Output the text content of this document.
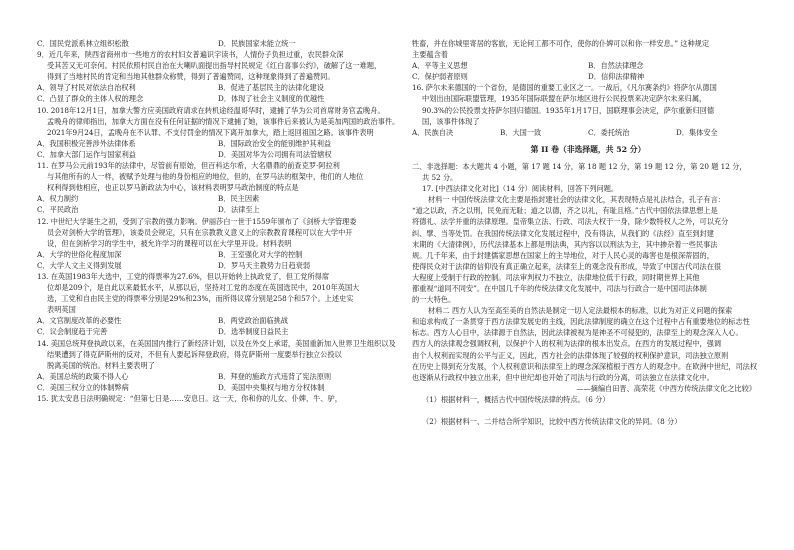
C．国民党派系林立组织松散	D．民族国家未能立统一
9．近几年来，陕西省商州市一些地方的农村妇女普遍识字读书，人情份子负担过重，农民群众深
受其苦又无可奈何。村民依照村民自治在大喇叭面提出指导村民规定《红白喜事公约》，破解了这一难题，
得到了当地村民的肯定和当地其他群众称赞，得到了普遍赞同，这种现象得到了普遍赞同。
A．领导了村民对依法自治权利	B．促进了基层民主的法律化建设
C．凸显了群众的主体人权的理念	D．体现了社会主义制度的优越性
10. 2018年12月1日，加拿大警方应美国政府请求在转机途经温哥华时，逮捕了华为公司首席财务官孟晚舟。
孟晚舟的律师指出，加拿大方面在没有任何证据的情况下逮捕了她，该事件后来被认为是美加两国的政治事件。
2021年9月24日，孟晚舟在不认罪、不支付罚金的情况下离开加拿大，踏上返回祖国之路。该事件表明
A．我国积极完善涉外法律体系	B．国际政治安全的能别维护其利益
C．加拿大部门运作与国家利益	D．美国对华为公司拥有司法管辖权
11. 在罗马公元前193年的法律中，尽管前有原始，但百科达尔希，大名鼎鼎的前查克罗·阿拉利
与其他所有的人一样，被赋予处理与他的身份相应的地位，但的，在罗马法的框架中，他们的人地位
权利得到他相应，也正以罗马新政法为中心，该材料表明罗马政治制度的特点是
A．权力制约	B．民主因素
C．平民政治	D．法律至上
12. 中世纪大学诞生之初，受到了宗教的强力影响。伊丽莎白一世于1559年颁布了《剑桥大学管理委
员会对剑桥大学的管理》，该委员会规定，只有在宗教教义意义上的宗教教育课程可以在大学中开
设，但在剑桥学习的学生中，被允许学习的课程可以在大学里开设。材料表明
A．大学的世俗化程度加深	B．王室强化对大学的控制
C．大学人文主义得到发展	D．罗马天主教势力日趋衰弱
13. 在英国1983年大选中，工党的得票率为27.6%，但以开始转上执政党了，但工党所得席
位却是209个，是自此以来最低水平，从那以后，坚持对工党的态度在英国选民中，2010年英国大
选，工党和自由民主党的得票率分别是29%和23%，而所得议席分别是258个和57个。上述史实
表明英国
A．文官制度改革的必要性	B．两党政治面临挑战
C．议会制度趋于完善	D．选举制度日益民主
14. 美国总统拜登执政以来，在美国国内推行了新经济计划，以及在外交上承诺，美国重新加入世界卫生组织以及
结果遭到了得克萨斯州的反对，不但有人要起诉拜登政府，得克萨斯州一度要举行独立公投以
脱离美国的统治。材料主要表明了
A．美国总统的政策不得人心	B．拜登的施政方式违背了宪法原则
C．美国三权分立的体制弊病	D．美国中央集权与地方分权体制
15. 犹太安息日法明确规定：“但第七日是……安息日。这一天，你和你的儿女、仆婢、牛、驴，
牲畜，并在你城里寄居的客旅，无论何工都不可作，使你的仆婢可以和你一样安息。” 这种规定
主要蕴含着
A．平等主义思想	B．自然法律理念
C．保护弱者原则	D．信仰法律精神
16. 萨尔未来德国的一个省份，是德国的重要工业区之一。一战后，《凡尔赛条约》将萨尔从德国
中划出由国际联盟管理，1935年国际联盟在萨尔地区进行公民投票来决定萨尔未来归属，
90.3%的公民投票支持萨尔回归德国。1935年1月17日，国联理事会决定，萨尔重新归回德
国，该事件体现了
A．民族自决	B．大国一致	C．委托统治	D．集体安全
第 II 卷（非选择题，共 52 分）
二、非选择题：本大题共 4 小题，第 17 题 14 分，第 18 题 12 分，第 19 题 12 分，第 20 题 12 分，
共 52 分。
17. [中西法律文化对比]（14 分）阅读材料，回答下列问题。
材料一 中国传统法律文化主要是指封建社会的法律文化，其表现特点是礼法结合，孔子有言：
“道之以政，齐之以刑，民免而无耻；道之以德，齐之以礼，有耻且格。”古代中国依法律思想上是
将德礼、法学并重的法律原理。皇帝集立法、行政、司法大权于一身，除少数特权人之外，可以充分
纠、擘、当等处罚。在我国传统法律文化发展过程中，没有得法，从我们的《法经》直至到封建
末期的《大清律例》，历代法律基本上都是刑法典，其内容以以刑法为主，其中掺杂着一些民事法
规。几千年来，由于封建儒家思想在国家上的主导地位，对于人民心灵的毒害也是根深蒂固的，
使得民众对于法律的信仰没有真正确立起来，法律至上的观念没有形成，导致了中国古代司法在很
大程度上受制于行政的控制。司法审判权力不独立，法律地位低于行政，同时期世界上其他
都重视“道同不同安”。在中国几千年的传统法律文化发展中，司法与行政合一是中国司法体制
的一大特色。
材料二 西方人认为至高至美的自然法是制定一切人定法最根本的标准，以此为对正义问题的探索
和追求构成了一条贯穿于西方法律发展史的主线，因此法律制度的确立在这个过程中占有重要地位的标志性
标志。西方人心目中，法律源于自然法，因此法律被视为是神圣不可侵犯的，法律至上的观念深入人心。
西方人的法律观念强调权利，以保护个人的权利为法律的根本出发点。在西方的发展过程中，强调
由个人权利而实现的公平与正义，因此，西方社会的法律体现了较强的权利保护意识，司法独立原则
在历史上得到充分发展，个人权利意识和法律至上的理念深深植根于西方人的观念中。在欧洲中世纪，司法权
也逐渐从行政权中独立出来，但中世纪却也开始了司法与行政的分离，司法独立在法律文化中。
——摘编自田晋、高荣花《中西方传统法律文化之比较》
（1）根据材料一，概括古代中国传统法律的特点。（6 分）
（2）根据材料一、二并结合所学知识，比较中西方传统法律文化的异同。（8 分）
